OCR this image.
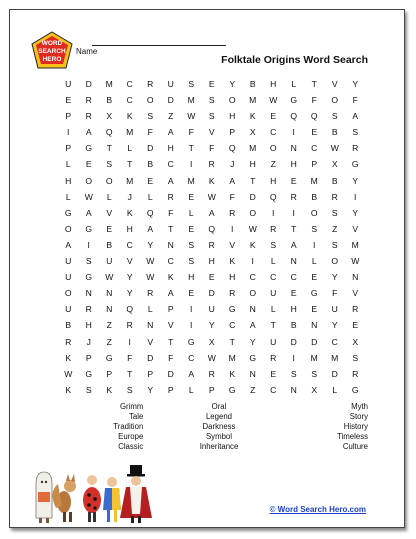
WORD
SEARCH
HERO
Name
Folktale Origins Word Search
U	D	M	C	R	U	S	E	Y	B	H	L	T	V	Y
E	R	B	C	O	D	M	S	O	M	W	G	F	O	F
P	R	X	K	S	Z	W	S	H	K	E	Q	Q	S	A
I	A	Q	M	F	A	F	V	P	X	C	I	E	B	S
P	G	T	L	D	H	T	F	Q	M	O	N	C	W	R
L	E	S	T	B	C	I	R	J	H	Z	H	P	X	G
H	O	O	M	E	A	M	K	A	T	H	E	M	B	Y
L	W	L	J	L	R	E	W	F	D	Q	R	B	R	I
G	A	V	K	Q	F	L	A	R	O	I	I	O	S	Y
O	G	E	H	A	T	E	Q	I	W	R	T	S	Z	V
A	I	B	C	Y	N	S	R	V	K	S	A	I	S	M
U	S	U	V	W	C	S	H	K	I	L	N	L	O	W
U	G	W	Y	W	K	H	E	H	C	C	C	E	Y	N
O	N	N	Y	R	A	E	D	R	O	U	E	G	F	V
U	R	N	Q	L	P	I	U	G	N	L	H	E	U	R
B	H	Z	R	N	V	I	Y	C	A	T	B	N	Y	E
R	J	Z	I	V	T	G	X	T	Y	U	D	D	C	X
K	P	G	F	D	F	C	W	M	G	R	I	M	M	S
W	G	P	T	P	D	A	R	K	N	E	S	S	D	R
K	S	K	S	Y	P	L	P	G	Z	C	N	X	L	G
Grimm
Tale
Tradition
Europe
Classic
Oral
Legend
Darkness
Symbol
Inheritance
Myth
Story
History
Timeless
Culture
© Word Search Hero.com
